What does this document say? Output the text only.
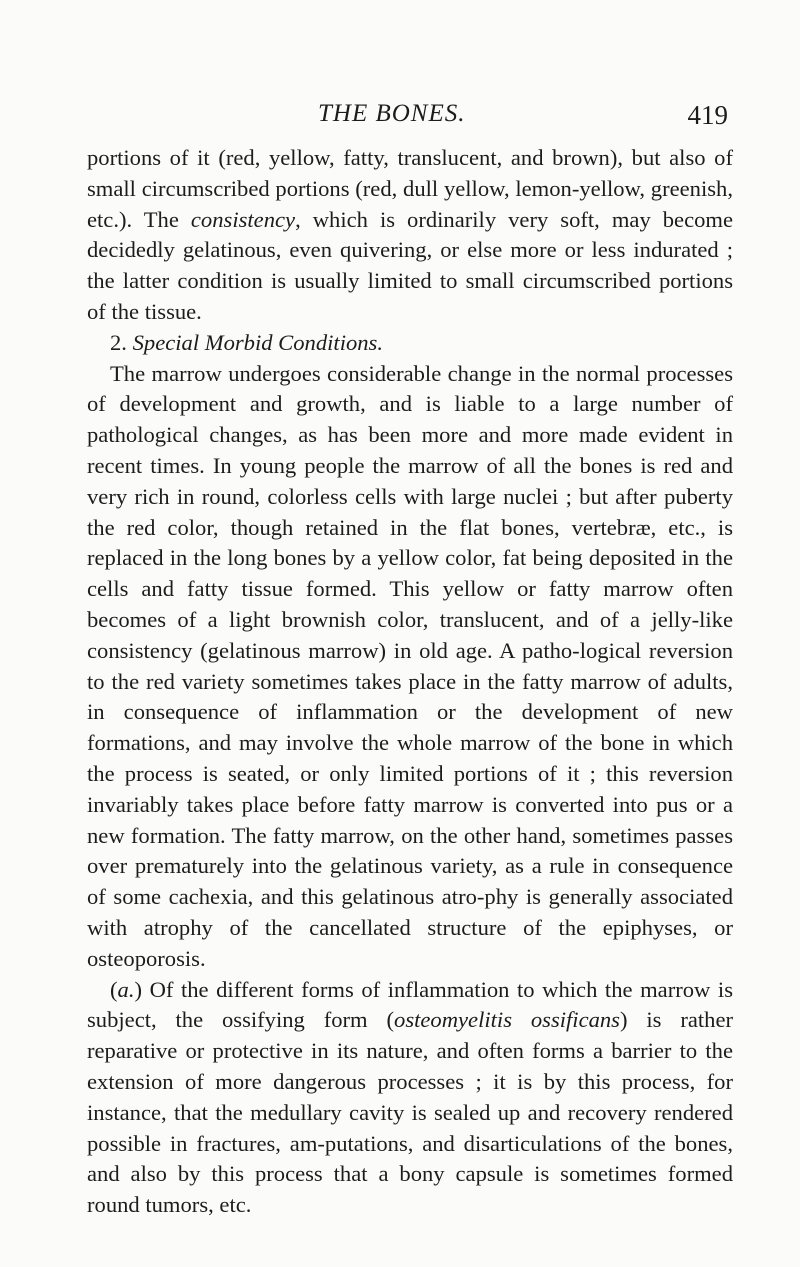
THE BONES.	419

portions of it (red, yellow, fatty, translucent, and brown), but also of small circumscribed portions (red, dull yellow, lemon-yellow, greenish, etc.). The consistency, which is ordinarily very soft, may become decidedly gelatinous, even quivering, or else more or less indurated ; the latter condition is usually limited to small circumscribed portions of the tissue.

2. Special Morbid Conditions.

The marrow undergoes considerable change in the normal processes of development and growth, and is liable to a large number of pathological changes, as has been more and more made evident in recent times. In young people the marrow of all the bones is red and very rich in round, colorless cells with large nuclei ; but after puberty the red color, though retained in the flat bones, vertebræ, etc., is replaced in the long bones by a yellow color, fat being deposited in the cells and fatty tissue formed. This yellow or fatty marrow often becomes of a light brownish color, translucent, and of a jelly-like consistency (gelatinous marrow) in old age. A patho-logical reversion to the red variety sometimes takes place in the fatty marrow of adults, in consequence of inflammation or the development of new formations, and may involve the whole marrow of the bone in which the process is seated, or only limited portions of it ; this reversion invariably takes place before fatty marrow is converted into pus or a new formation. The fatty marrow, on the other hand, sometimes passes over prematurely into the gelatinous variety, as a rule in consequence of some cachexia, and this gelatinous atro-phy is generally associated with atrophy of the cancellated structure of the epiphyses, or osteoporosis.

(a.) Of the different forms of inflammation to which the marrow is subject, the ossifying form (osteomyelitis ossificans) is rather reparative or protective in its nature, and often forms a barrier to the extension of more dangerous processes ; it is by this process, for instance, that the medullary cavity is sealed up and recovery rendered possible in fractures, am-putations, and disarticulations of the bones, and also by this process that a bony capsule is sometimes formed round tumors, etc.
